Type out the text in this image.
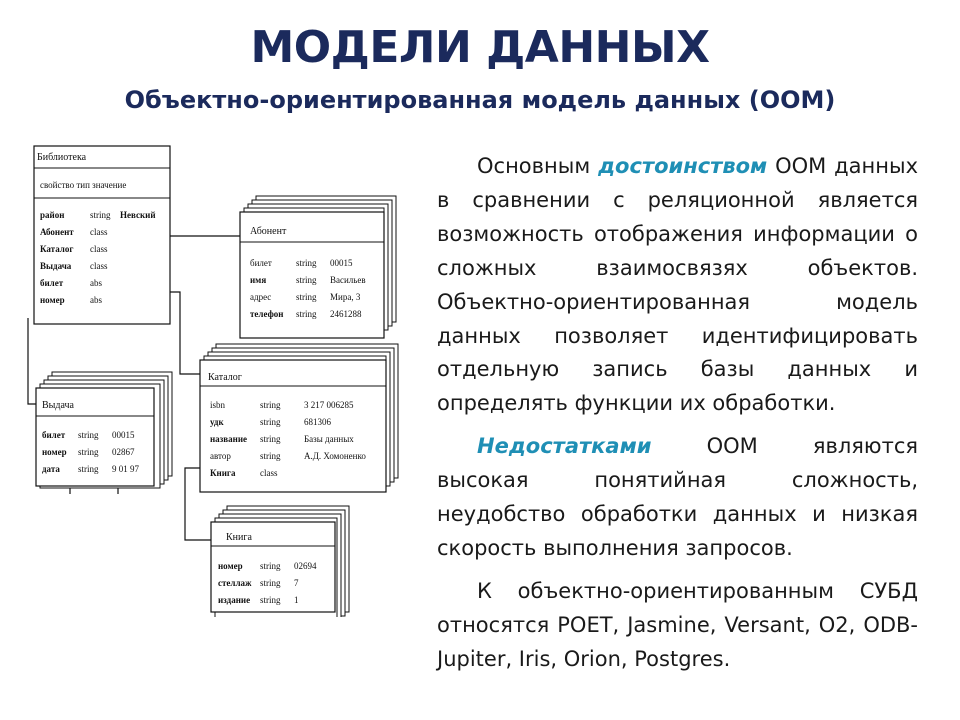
МОДЕЛИ ДАННЫХ
Объектно-ориентированная модель данных (ООМ)
Библиотека
свойство тип значение
район	string Невский
Абонент class
Каталог class
Выдача class
билет	abs
номер	abs
Абонент
билет	string 00015
имя	string Васильев
адрес	string Мира, 3
телефон string 2461288
Каталог
isbn	string	3 217 006285
удк	string	681306
название string	Базы данных
автор	string	А.Д. Хомоненко
Книга	class
Выдача
билет string 00015
номер string 02867
дата string 9 01 97
Книга
номер string 02694
стеллаж string 7
издание string 1

Основным достоинством ООМ данных в сравнении с реляционной является возможность отображения информации о сложных взаимосвязях объектов. Объектно-ориентированная модель данных позволяет идентифицировать отдельную запись базы данных и определять функции их обработки.

Недостатками ООМ являются высокая понятийная сложность, неудобство обработки данных и низкая скорость выполнения запросов.

К объектно-ориентированным СУБД относятся POET, Jasmine, Versant, O2, ODB-Jupiter, Iris, Orion, Postgres.
